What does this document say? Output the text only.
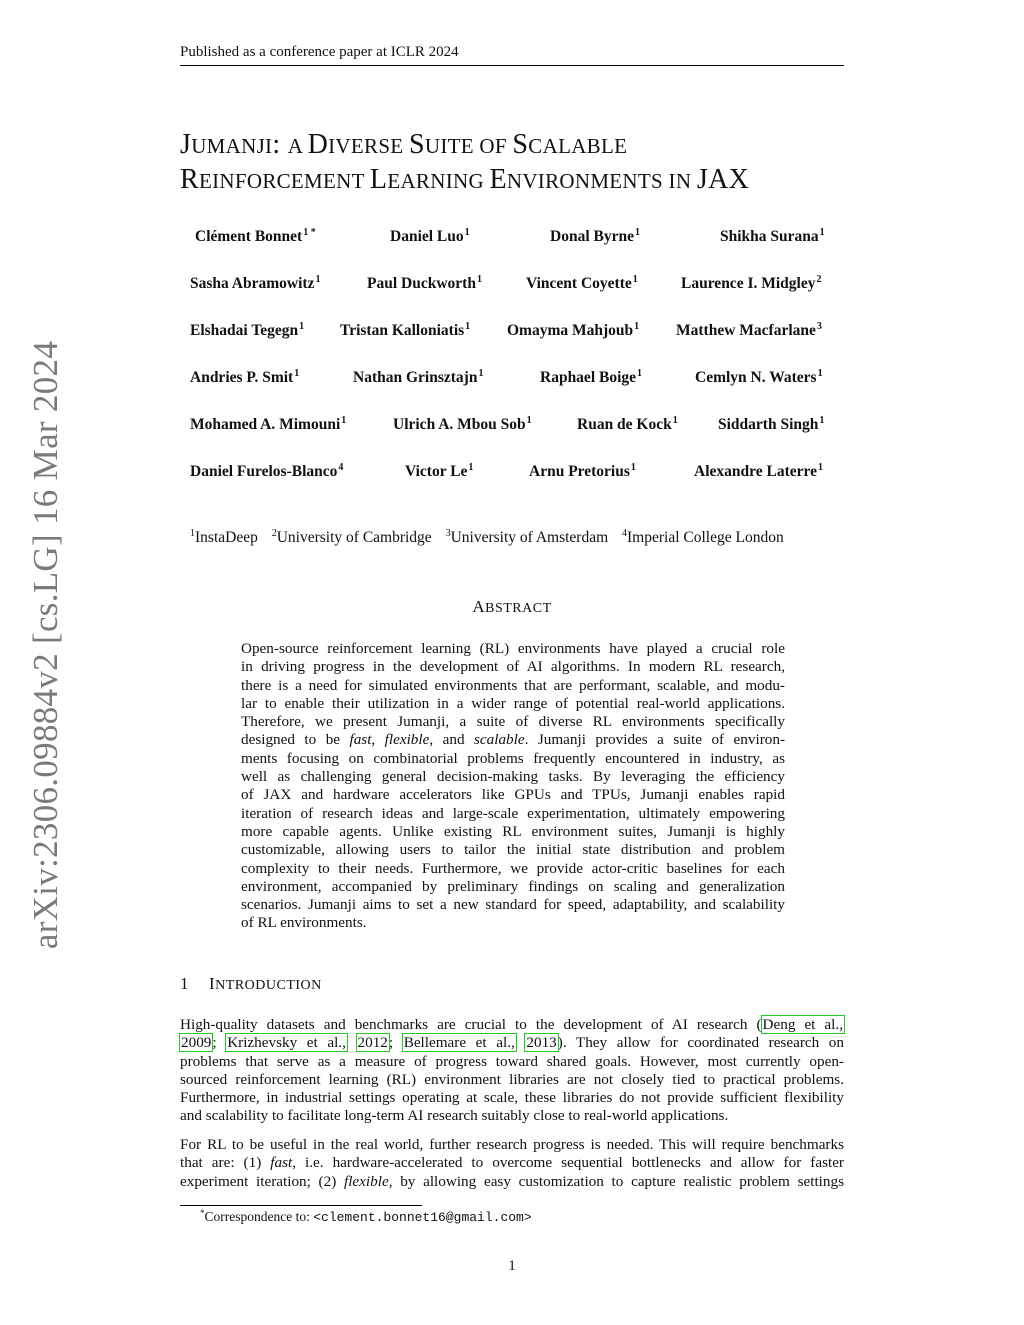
Published as a conference paper at ICLR 2024
arXiv:2306.09884v2 [cs.LG] 16 Mar 2024
JUMANJI: A DIVERSE SUITE OF SCALABLE
REINFORCEMENT LEARNING ENVIRONMENTS IN JAX
Clément Bonnet$^{1 *}$	Daniel Luo$^1$	Donal Byrne$^1$	Shikha Surana$^1$
Sasha Abramowitz$^1$	Paul Duckworth$^1$	Vincent Coyette$^1$	Laurence I. Midgley$^2$
Elshadai Tegegn$^1$ Tristan Kalloniatis$^1$ Omayma Mahjoub$^1$ Matthew Macfarlane$^3$
Andries P. Smit$^1$	Nathan Grinsztajn$^1$	Raphael Boige$^1$	Cemlyn N. Waters$^1$
Mohamed A. Mimouni$^1$	Ulrich A. Mbou Sob$^1$	Ruan de Kock$^1$	Siddarth Singh$^1$
Daniel Furelos-Blanco$^4$	Victor Le$^1$	Arnu Pretorius$^1$	Alexandre Laterre$^1$
$^1$InstaDeep $^2$University of Cambridge $^3$University of Amsterdam $^4$Imperial College London
ABSTRACT
Open-source reinforcement learning (RL) environments have played a crucial role
in driving progress in the development of AI algorithms. In modern RL research,
there is a need for simulated environments that are performant, scalable, and modu-
lar to enable their utilization in a wider range of potential real-world applications.
Therefore, we present Jumanji, a suite of diverse RL environments specifically
designed to be fast, flexible, and scalable. Jumanji provides a suite of environ-
ments focusing on combinatorial problems frequently encountered in industry, as
well as challenging general decision-making tasks. By leveraging the efficiency
of JAX and hardware accelerators like GPUs and TPUs, Jumanji enables rapid
iteration of research ideas and large-scale experimentation, ultimately empowering
more capable agents. Unlike existing RL environment suites, Jumanji is highly
customizable, allowing users to tailor the initial state distribution and problem
complexity to their needs. Furthermore, we provide actor-critic baselines for each
environment, accompanied by preliminary findings on scaling and generalization
scenarios. Jumanji aims to set a new standard for speed, adaptability, and scalability
of RL environments.
1 INTRODUCTION
High-quality datasets and benchmarks are crucial to the development of AI research (Deng et al.,
2009; Krizhevsky et al., 2012; Bellemare et al., 2013). They allow for coordinated research on
problems that serve as a measure of progress toward shared goals. However, most currently open-
sourced reinforcement learning (RL) environment libraries are not closely tied to practical problems.
Furthermore, in industrial settings operating at scale, these libraries do not provide sufficient flexibility
and scalability to facilitate long-term AI research suitably close to real-world applications.
For RL to be useful in the real world, further research progress is needed. This will require benchmarks
that are: (1) fast, i.e. hardware-accelerated to overcome sequential bottlenecks and allow for faster
experiment iteration; (2) flexible, by allowing easy customization to capture realistic problem settings
*Correspondence to: <clement.bonnet16@gmail.com>
1
